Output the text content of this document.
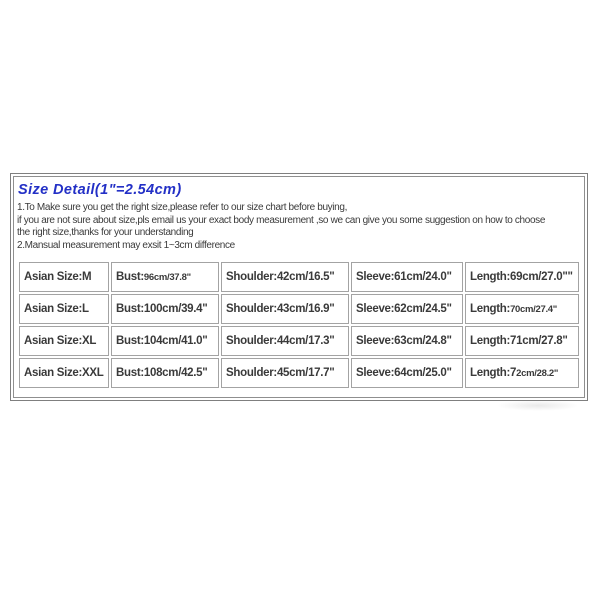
Size Detail(1"=2.54cm)
1.To Make sure you get the right size,please refer to our size chart before buying,
if you are not sure about size,pls email us your exact body measurement ,so we can give you some suggestion on how to choose
the right size,thanks for your understanding
2.Mansual measurement may exsit 1~3cm difference
Asian Size:M	Bust:96cm/37.8"	Shoulder:42cm/16.5"	Sleeve:61cm/24.0"	Length:69cm/27.0""
Asian Size:L	Bust:100cm/39.4"	Shoulder:43cm/16.9"	Sleeve:62cm/24.5"	Length:70cm/27.4"
Asian Size:XL	Bust:104cm/41.0"	Shoulder:44cm/17.3"	Sleeve:63cm/24.8"	Length:71cm/27.8"
Asian Size:XXL	Bust:108cm/42.5"	Shoulder:45cm/17.7"	Sleeve:64cm/25.0"	Length:72cm/28.2"
